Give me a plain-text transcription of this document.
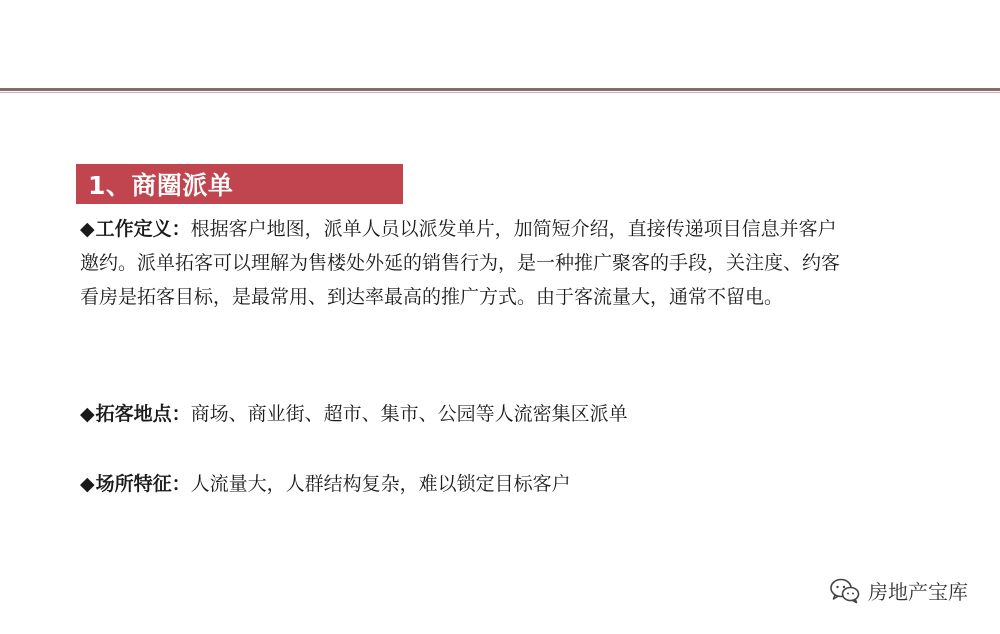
1、商圈派单

◆工作定义：根据客户地图，派单人员以派发单片，加简短介绍，直接传递项目信息并客户邀约。派单拓客可以理解为售楼处外延的销售行为，是一种推广聚客的手段，关注度、约客看房是拓客目标，是最常用、到达率最高的推广方式。由于客流量大，通常不留电。

◆拓客地点：商场、商业街、超市、集市、公园等人流密集区派单

◆场所特征：人流量大，人群结构复杂，难以锁定目标客户

房地产宝库
